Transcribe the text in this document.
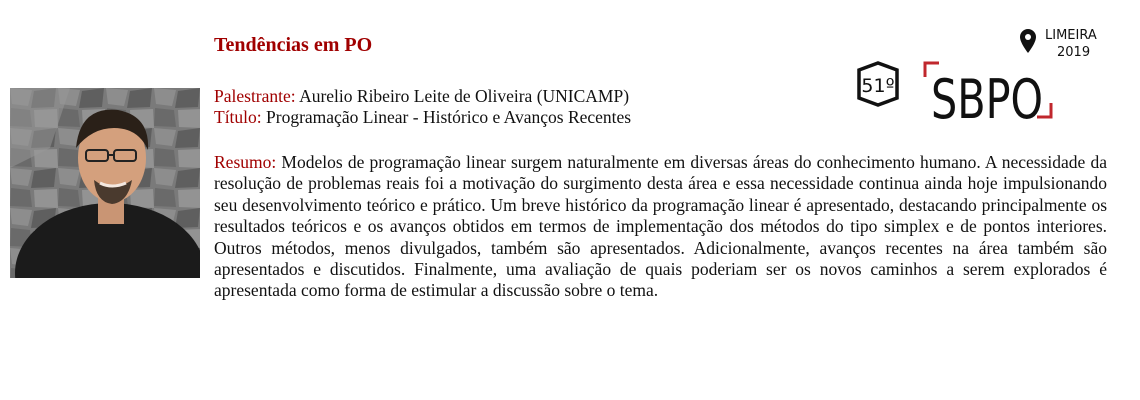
Tendências em PO
Palestrante: Aurelio Ribeiro Leite de Oliveira (UNICAMP)
Título: Programação Linear - Histórico e Avanços Recentes
Resumo: Modelos de programação linear surgem naturalmente em diversas áreas do conhecimento humano. A necessidade da resolução de problemas reais foi a motivação do surgimento desta área e essa necessidade continua ainda hoje impulsionando seu desenvolvimento teórico e prático. Um breve histórico da programação linear é apresentado, destacando principalmente os resultados teóricos e os avanços obtidos em termos de implementação dos métodos do tipo simplex e de pontos interiores. Outros métodos, menos divulgados, também são apresentados. Adicionalmente, avanços recentes na área também são apresentados e discutidos. Finalmente, uma avaliação de quais poderiam ser os novos caminhos a serem explorados é apresentada como forma de estimular a discussão sobre o tema.
LIMEIRA
2019
51º SBPO
